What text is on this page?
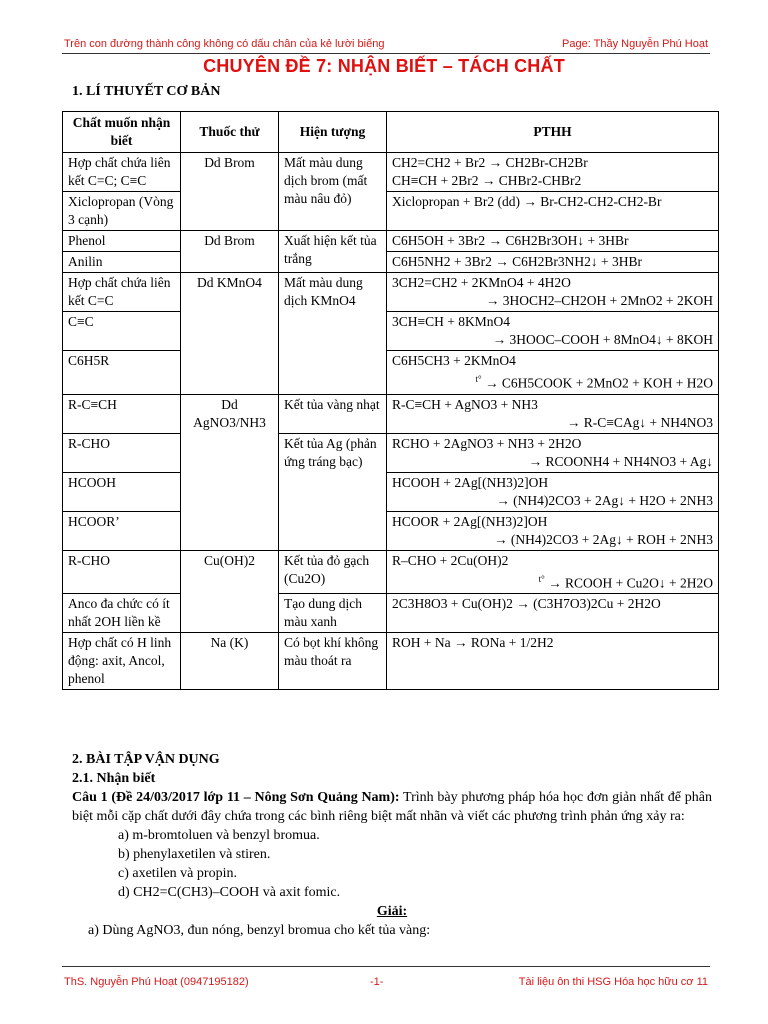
Trên con đường thành công không có dấu chân của kẻ lười biếng	Page: Thầy Nguyễn Phú Hoạt
CHUYÊN ĐỀ 7: NHẬN BIẾT – TÁCH CHẤT
1. LÍ THUYẾT CƠ BẢN
Chất muốn nhận biết	Thuốc thử	Hiện tượng	PTHH
Hợp chất chứa liên kết C=C; C≡C	Dd Brom	Mất màu dung dịch brom (mất màu nâu đỏ)	CH2=CH2 + Br2 → CH2Br-CH2Br
CH≡CH + 2Br2 → CHBr2-CHBr2

Xiclopropan (Vòng 3 cạnh)			Xiclopropan + Br2 (dd) → Br-CH2-CH2-CH2-Br
Phenol	Dd Brom	Xuất hiện kết tủa trắng	C6H5OH + 3Br2 → C6H2Br3OH↓ + 3HBr
Anilin			C6H5NH2 + 3Br2 → C6H2Br3NH2↓ + 3HBr
Hợp chất chứa liên kết C=C	Dd KMnO4	Mất màu dung dịch KMnO4	3CH2=CH2 + 2KMnO4 + 4H2O
→ 3HOCH2–CH2OH + 2MnO2 + 2KOH

C≡C			3CH≡CH + 8KMnO4
→ 3HOOC–COOH + 8MnO4↓ + 8KOH

C6H5R			C6H5CH3 + 2KMnO4
$^{t^\circ}$ → C6H5COOK + 2MnO2 + KOH + H2O

R-C≡CH	Dd AgNO3/NH3	Kết tủa vàng nhạt	R-C≡CH + AgNO3 + NH3
→ R-C≡CAg↓ + NH4NO3

R-CHO		Kết tủa Ag (phản ứng tráng bạc)	RCHO + 2AgNO3 + NH3 + 2H2O
→ RCOONH4 + NH4NO3 + Ag↓

HCOOH			HCOOH + 2Ag[(NH3)2]OH
→ (NH4)2CO3 + 2Ag↓ + H2O + 2NH3

HCOOR’			HCOOR + 2Ag[(NH3)2]OH
→ (NH4)2CO3 + 2Ag↓ + ROH + 2NH3

R-CHO	Cu(OH)2	Kết tủa đỏ gạch (Cu2O)	R–CHO + 2Cu(OH)2
$^{t^\circ}$ → RCOOH + Cu2O↓ + 2H2O

Anco đa chức có ít nhất 2OH liền kề		Tạo dung dịch màu xanh	2C3H8O3 + Cu(OH)2 → (C3H7O3)2Cu + 2H2O
Hợp chất có H linh động: axit, Ancol, phenol	Na (K)	Có bọt khí không màu thoát ra	ROH + Na → RONa + 1/2H2

2. BÀI TẬP VẬN DỤNG

2.1. Nhận biết

Câu 1 (Đề 24/03/2017 lớp 11 – Nông Sơn Quảng Nam): Trình bày phương pháp hóa học đơn giản nhất để phân biệt mỗi cặp chất dưới đây chứa trong các bình riêng biệt mất nhãn và viết các phương trình phản ứng xảy ra:

a) m-bromtoluen và benzyl bromua.

b) phenylaxetilen và stiren.

c) axetilen và propin.

d) CH2=C(CH3)–COOH và axit fomic.

Giải:

a) Dùng AgNO3, đun nóng, benzyl bromua cho kết tủa vàng:

ThS. Nguyễn Phú Hoạt (0947195182)	-1-	Tài liệu ôn thi HSG Hóa học hữu cơ 11
